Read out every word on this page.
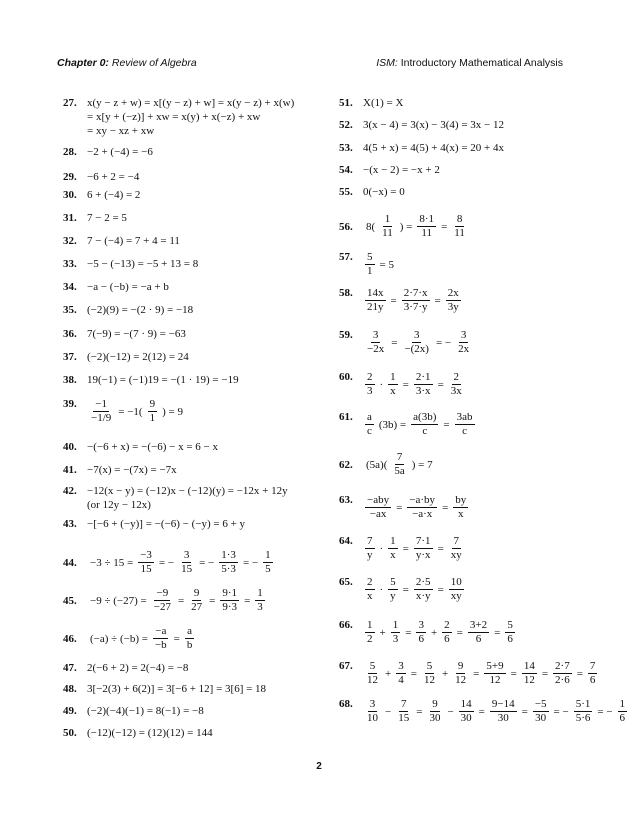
Chapter 0: Review of Algebra	ISM: Introductory Mathematical Analysis
27. x(y − z + w) = x[(y − z) + w] = x(y − z) + x(w)
= x[y + (−z)] + xw = x(y) + x(−z) + xw
= xy − xz + xw
28. −2 + (−4) = −6
29. −6 + 2 = −4
30. 6 + (−4) = 2
31. 7 − 2 = 5
32. 7 − (−4) = 7 + 4 = 11
33. −5 − (−13) = −5 + 13 = 8
34. −a − (−b) = −a + b
35. (−2)(9) = −(2 · 9) = −18
36. 7(−9) = −(7 · 9) = −63
37. (−2)(−12) = 2(12) = 24
38. 19(−1) = (−1)19 = −(1 · 19) = −19
39. $\frac{-1}{-1/9} = -1( \frac{9}{1}$ ) = 9
40. −(−6 + x) = −(−6) − x = 6 − x
41. −7(x) = −(7x) = −7x
42. −12(x − y) = (−12)x − (−12)(y) = −12x + 12y
(or 12y − 12x)
43. −[−6 + (−y)] = −(−6) − (−y) = 6 + y
44. $-3 \div 15 = \frac{-3}{15}$ = − $\frac{3}{15}$ = − $\frac{1\cdot 3}{5\cdot 3}$ = − $\frac{1}{5}$
45. $-9 \div (-27) = \frac{-9}{-27} = \frac{9}{27} = \frac{9\cdot 1}{9\cdot 3} = \frac{1}{3}$
46. $(-a) \div (-b) = \frac{-a}{-b} = \frac{a}{b}$
47. 2(−6 + 2) = 2(−4) = −8
48. 3[−2(3) + 6(2)] = 3[−6 + 12] = 3[6] = 18
49. (−2)(−4)(−1) = 8(−1) = −8
50. (−12)(−12) = (12)(12) = 144
51. X(1) = X
52. 3(x − 4) = 3(x) − 3(4) = 3x − 12
53. 4(5 + x) = 4(5) + 4(x) = 20 + 4x
54. −(x − 2) = −x + 2
55. 0(−x) = 0
56. $8( \frac{1}{11}$ ) = $\frac{8\cdot 1}{11} = \frac{8}{11}$
57. $\frac{5}{1} = 5$
58. $\frac{14x}{21y} = \frac{2\cdot 7\cdot x}{3\cdot 7\cdot y} = \frac{2x}{3y}$
59. $\frac{3}{-2x} = \frac{3}{-(2x)}$ = − $\frac{3}{2x}$
60. $\frac{2}{3} \cdot \frac{1}{x} = \frac{2\cdot 1}{3\cdot x} = \frac{2}{3x}$
61. $\frac{a}{c} (3b) = \frac{a(3b)}{c} = \frac{3ab}{c}$
62. $(5a)( \frac{7}{5a}$ ) = 7
63. $\frac{\text{−aby}}{-ax} = \frac{-a\cdot by}{-a\cdot x} = \frac{by}{x}$
64. $\frac{7}{y} \cdot \frac{1}{x} = \frac{7\cdot 1}{y\cdot x} = \frac{7}{xy}$
65. $\frac{2}{x} \cdot \frac{5}{y} = \frac{2\cdot 5}{x\cdot y} = \frac{10}{xy}$
66. $\frac{1}{2} + \frac{1}{3} = \frac{3}{6} + \frac{2}{6} = \frac{3+2}{6} = \frac{5}{6}$
67. $\frac{5}{12} + \frac{3}{4} = \frac{5}{12} + \frac{9}{12} = \frac{5+9}{12} = \frac{14}{12} = \frac{2\cdot 7}{2\cdot 6} = \frac{7}{6}$
68. $\frac{3}{10} - \frac{7}{15} = \frac{9}{30} - \frac{14}{30} = \frac{9-14}{30} = \frac{-5}{30}$ = − $\frac{5\cdot 1}{5\cdot 6}$ = − $\frac{1}{6}$
2
